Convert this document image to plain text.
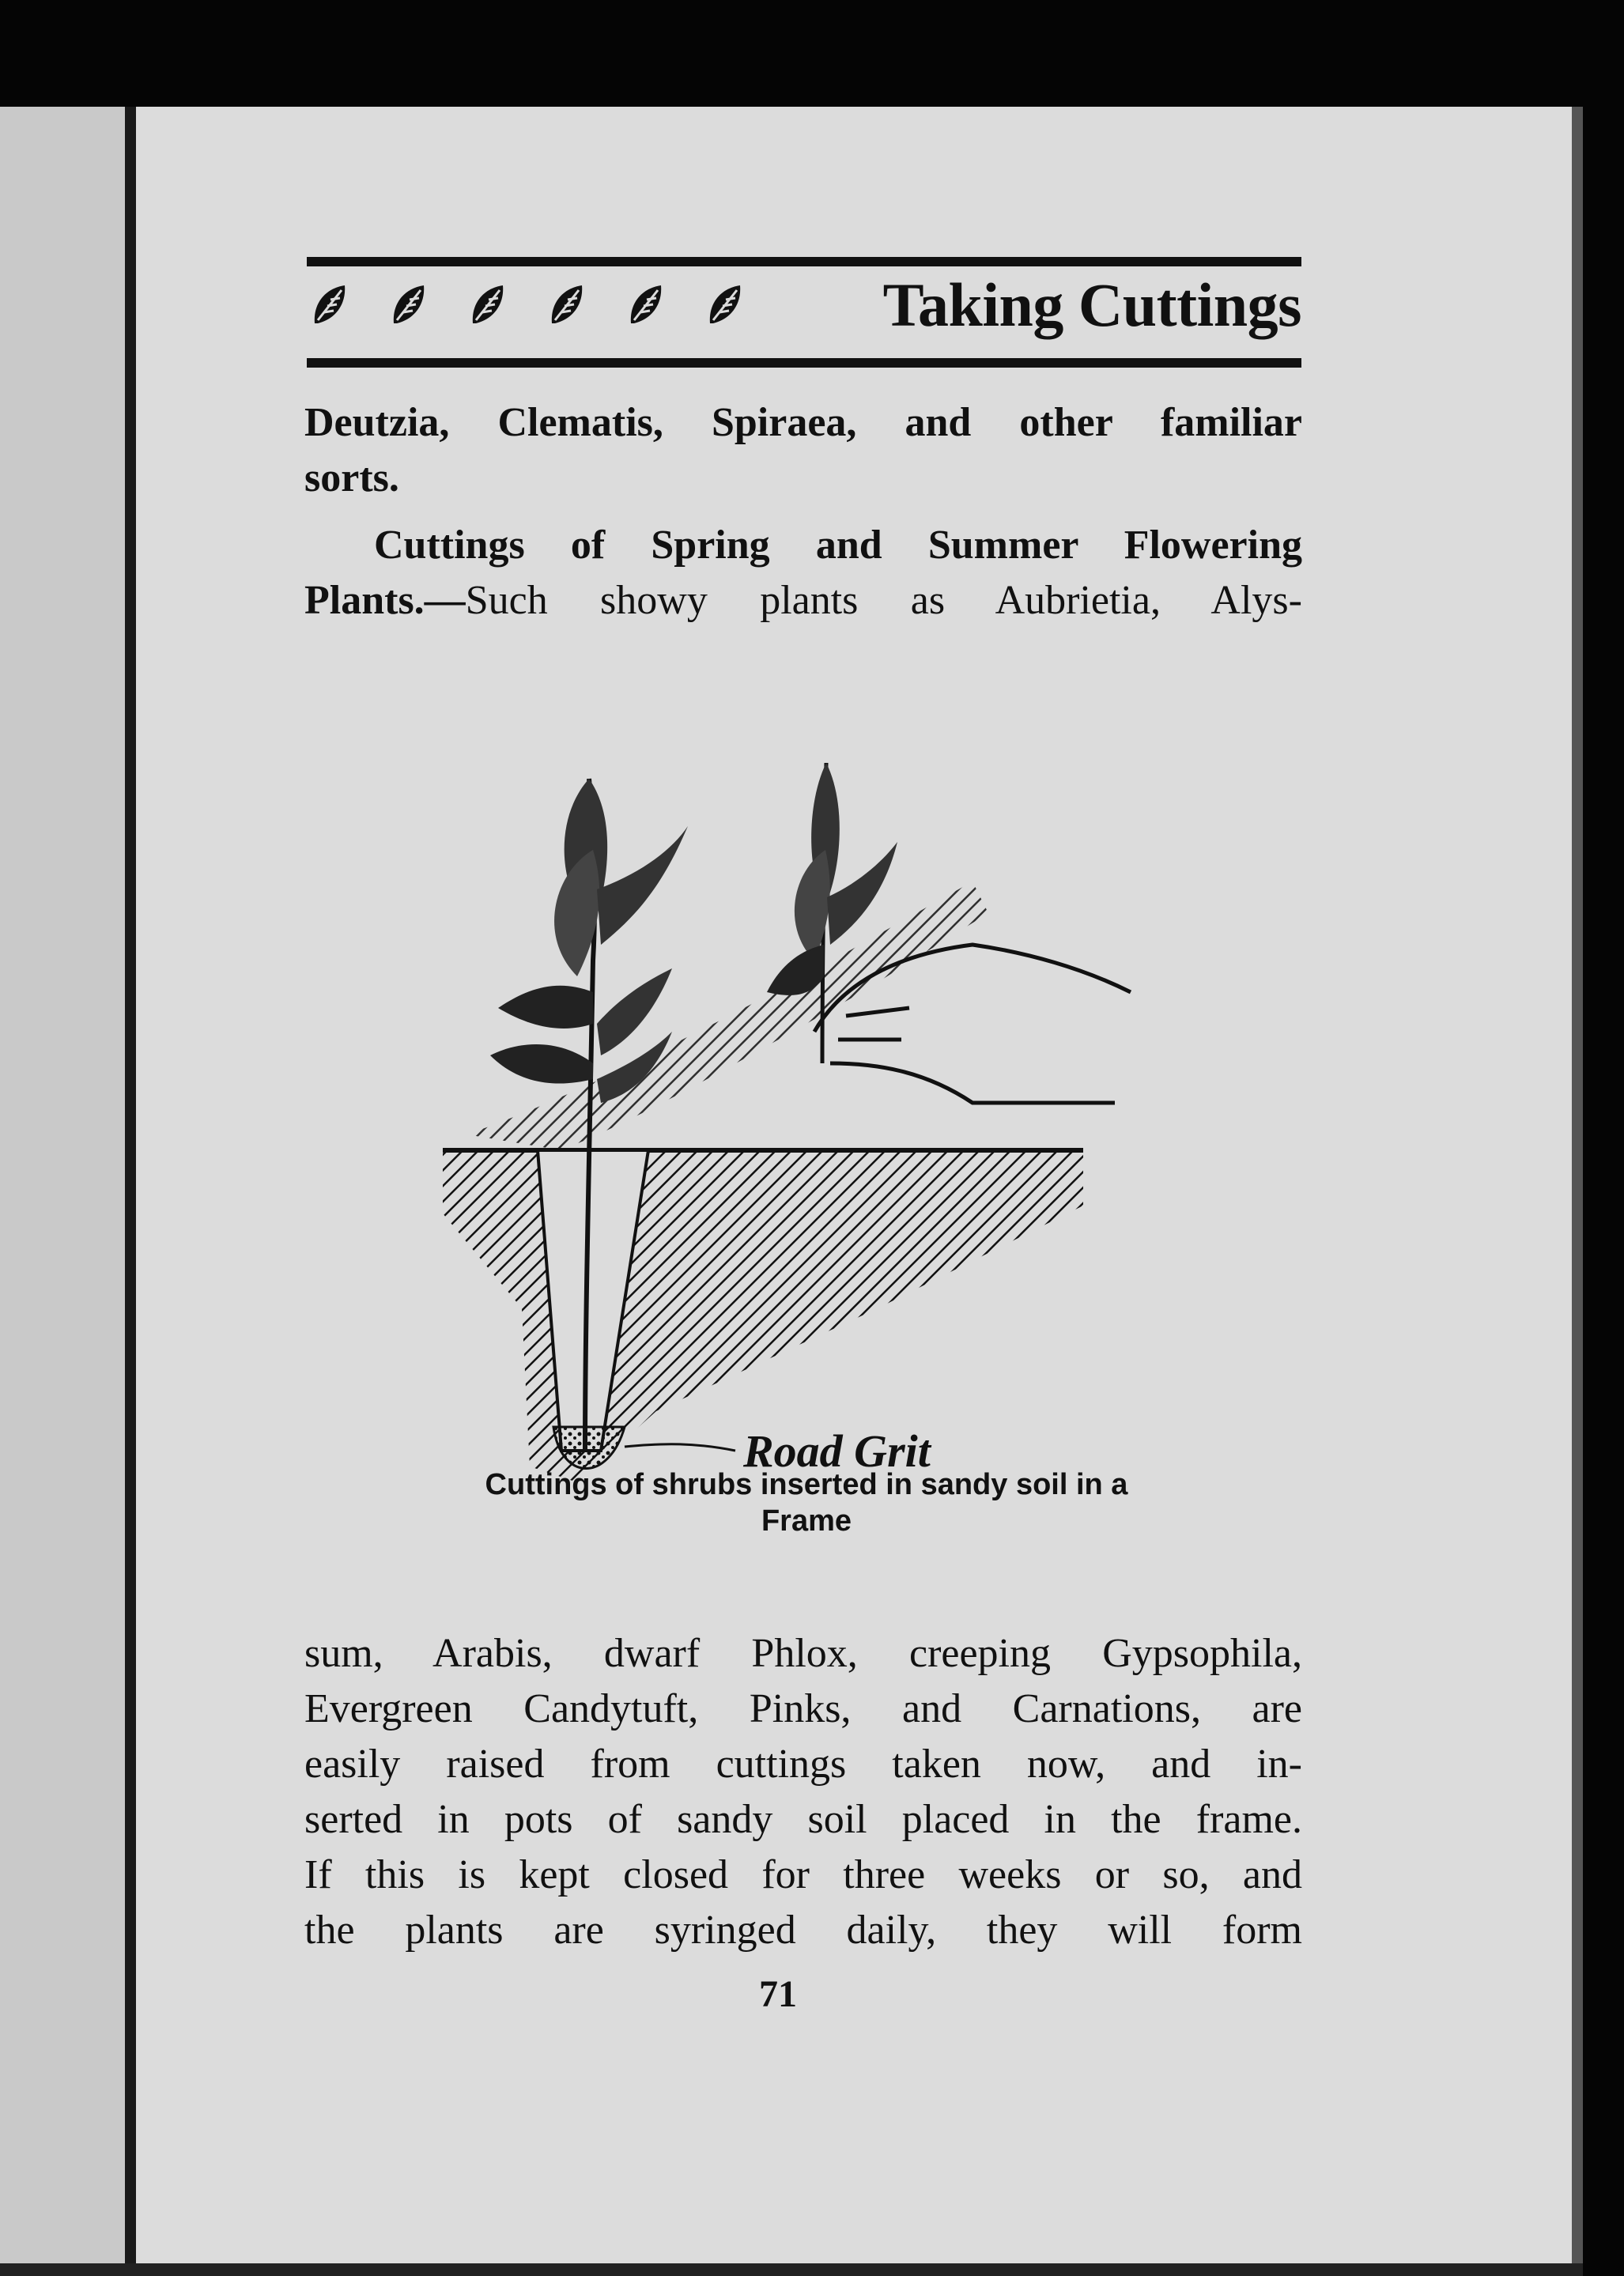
Taking Cuttings
Deutzia, Clematis, Spiraea, and other familiar
sorts.
Cuttings of Spring and Summer Flowering
Plants.—Such showy plants as Aubrietia, Alys-
Road Grit
Cuttings of shrubs inserted in sandy soil in a
Frame
sum, Arabis, dwarf Phlox, creeping Gypsophila,
Evergreen Candytuft, Pinks, and Carnations, are
easily raised from cuttings taken now, and in-
serted in pots of sandy soil placed in the frame.
If this is kept closed for three weeks or so, and
the plants are syringed daily, they will form
71
